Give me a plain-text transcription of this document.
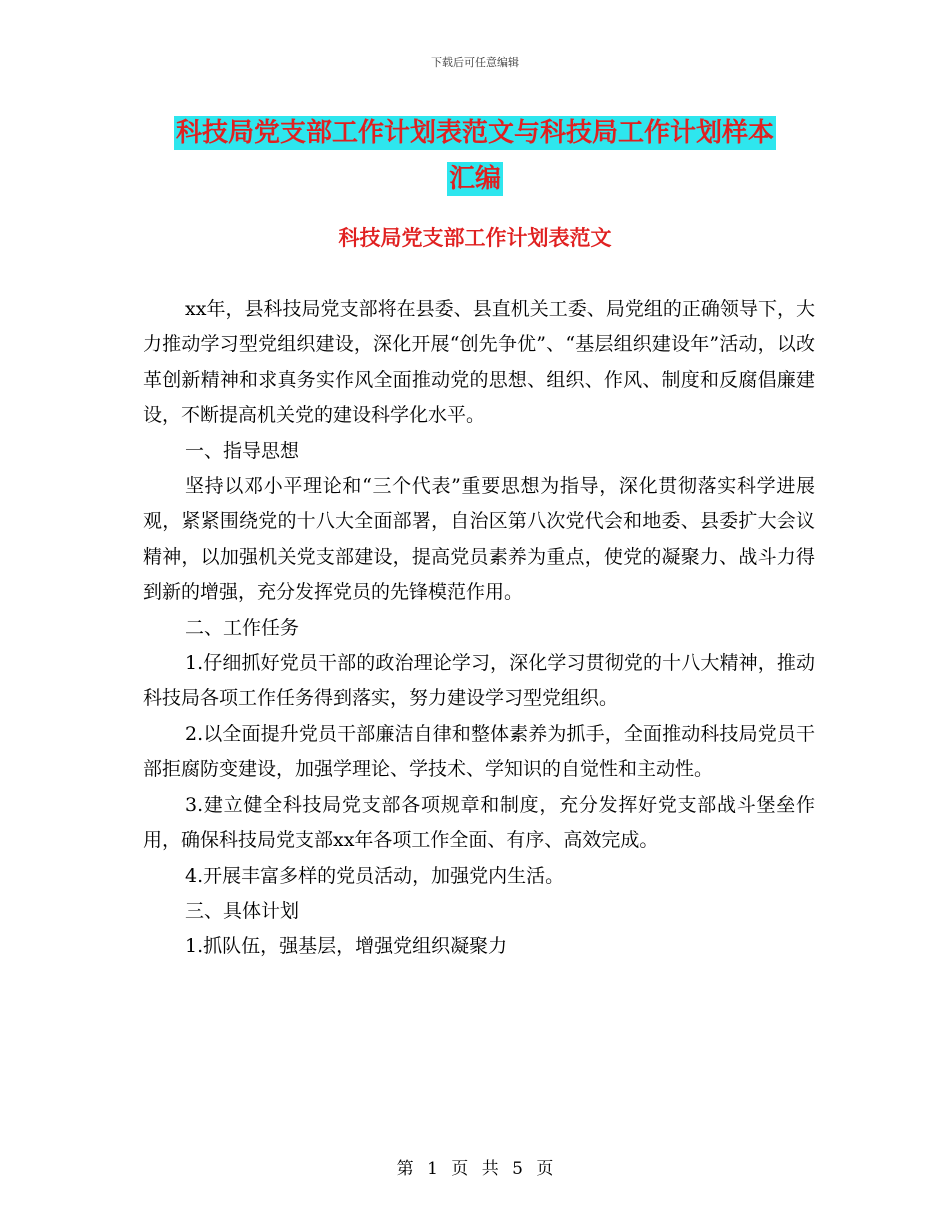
下载后可任意编辑
科技局党支部工作计划表范文与科技局工作计划样本
汇编
科技局党支部工作计划表范文

xx年，县科技局党支部将在县委、县直机关工委、局党组的正确领导下，大力推动学习型党组织建设，深化开展“创先争优”、“基层组织建设年”活动，以改革创新精神和求真务实作风全面推动党的思想、组织、作风、制度和反腐倡廉建设，不断提高机关党的建设科学化水平。

一、指导思想

坚持以邓小平理论和“三个代表”重要思想为指导，深化贯彻落实科学进展观，紧紧围绕党的十八大全面部署，自治区第八次党代会和地委、县委扩大会议精神，以加强机关党支部建设，提高党员素养为重点，使党的凝聚力、战斗力得到新的增强，充分发挥党员的先锋模范作用。

二、工作任务

1.仔细抓好党员干部的政治理论学习，深化学习贯彻党的十八大精神，推动科技局各项工作任务得到落实，努力建设学习型党组织。

2.以全面提升党员干部廉洁自律和整体素养为抓手，全面推动科技局党员干部拒腐防变建设，加强学理论、学技术、学知识的自觉性和主动性。

3.建立健全科技局党支部各项规章和制度，充分发挥好党支部战斗堡垒作用，确保科技局党支部xx年各项工作全面、有序、高效完成。

4.开展丰富多样的党员活动，加强党内生活。

三、具体计划

1.抓队伍，强基层，增强党组织凝聚力

第 1 页 共 5 页
